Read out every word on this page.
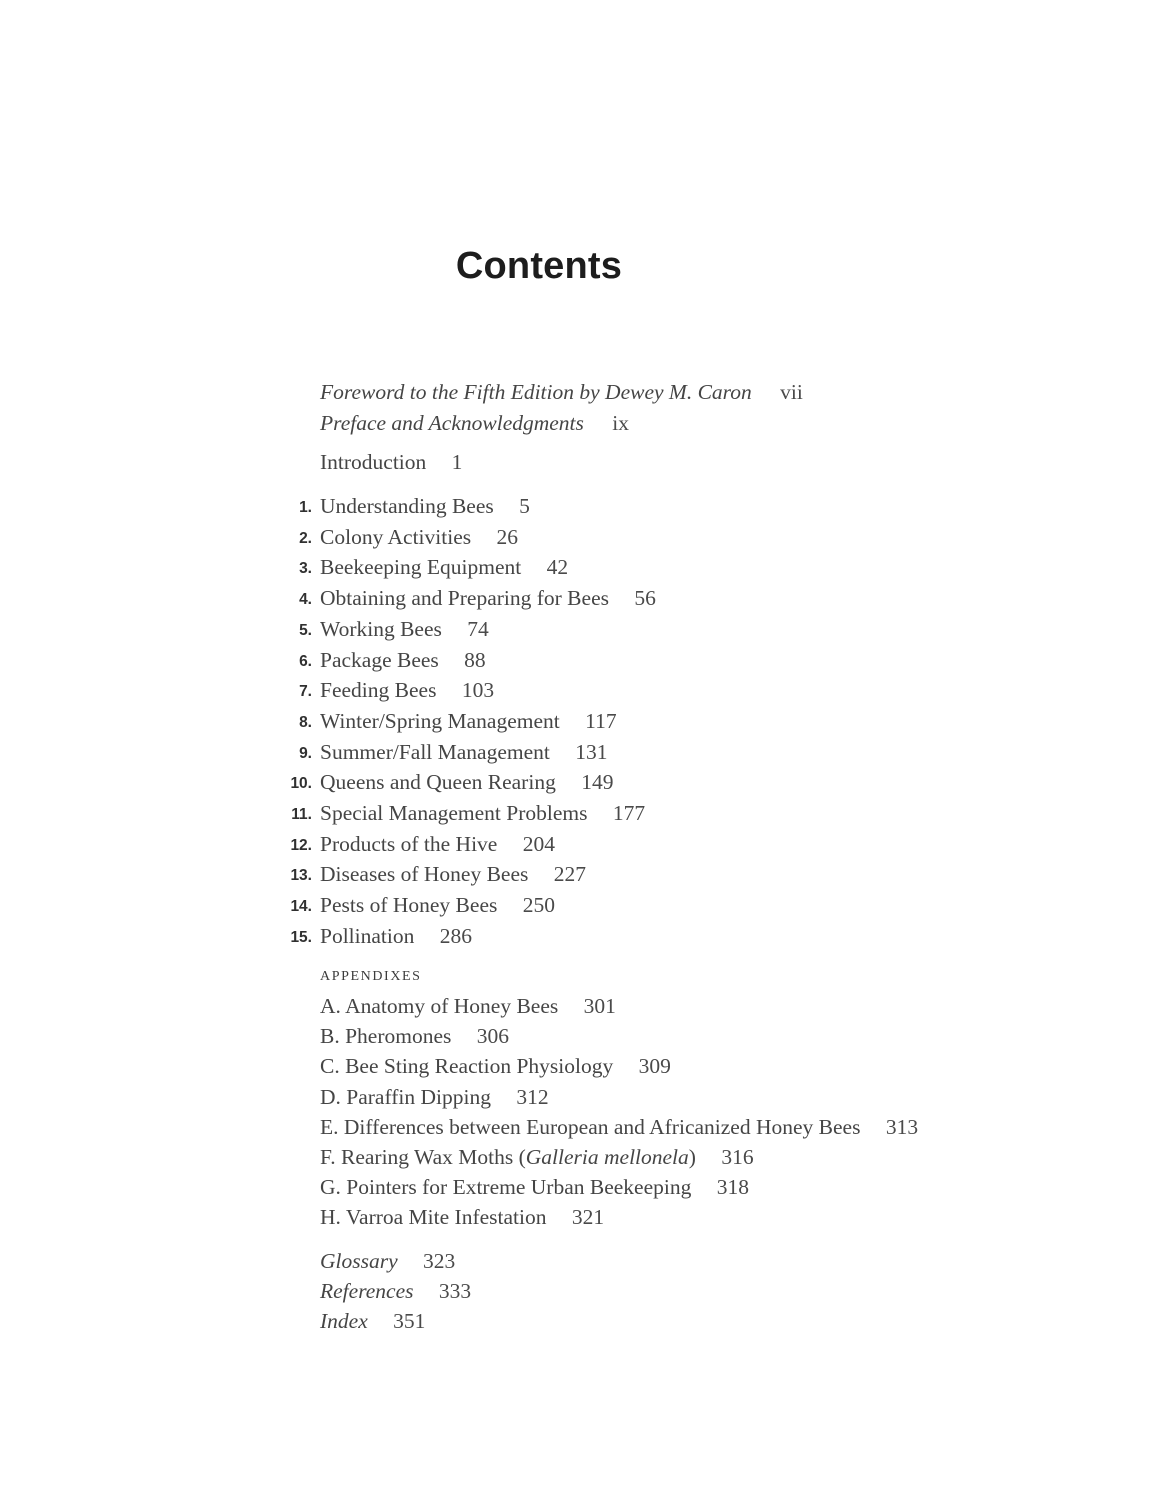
Contents
Foreword to the Fifth Edition by Dewey M. Caron vii
Preface and Acknowledgments ix
Introduction 1
1. Understanding Bees 5
2. Colony Activities 26
3. Beekeeping Equipment 42
4. Obtaining and Preparing for Bees 56
5. Working Bees 74
6. Package Bees 88
7. Feeding Bees 103
8. Winter/Spring Management 117
9. Summer/Fall Management 131
10. Queens and Queen Rearing 149
11. Special Management Problems 177
12. Products of the Hive 204
13. Diseases of Honey Bees 227
14. Pests of Honey Bees 250
15. Pollination 286
APPENDIXES
A. Anatomy of Honey Bees 301
B. Pheromones 306
C. Bee Sting Reaction Physiology 309
D. Paraffin Dipping 312
E. Differences between European and Africanized Honey Bees 313
F. Rearing Wax Moths (Galleria mellonela) 316
G. Pointers for Extreme Urban Beekeeping 318
H. Varroa Mite Infestation 321
Glossary 323
References 333
Index 351
